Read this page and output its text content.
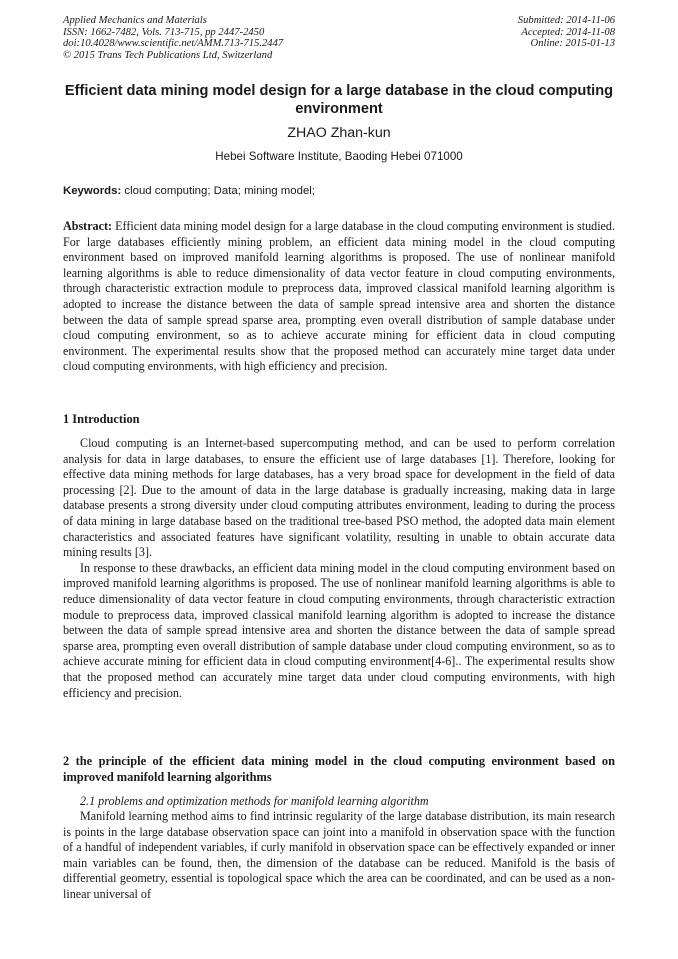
Applied Mechanics and Materials
ISSN: 1662-7482, Vols. 713-715, pp 2447-2450
doi:10.4028/www.scientific.net/AMM.713-715.2447
© 2015 Trans Tech Publications Ltd, Switzerland
Submitted: 2014-11-06
Accepted: 2014-11-08
Online: 2015-01-13
Efficient data mining model design for a large database in the cloud computing environment
ZHAO Zhan-kun
Hebei Software Institute, Baoding Hebei 071000
Keywords: cloud computing; Data; mining model;

Abstract: Efficient data mining model design for a large database in the cloud computing environment is studied. For large databases efficiently mining problem, an efficient data mining model in the cloud computing environment based on improved manifold learning algorithms is proposed. The use of nonlinear manifold learning algorithms is able to reduce dimensionality of data vector feature in cloud computing environments, through characteristic extraction module to preprocess data, improved classical manifold learning algorithm is adopted to increase the distance between the data of sample spread intensive area and shorten the distance between the data of sample spread sparse area, prompting even overall distribution of sample database under cloud computing environment, so as to achieve accurate mining for efficient data in cloud computing environment. The experimental results show that the proposed method can accurately mine target data under cloud computing environments, with high efficiency and precision.

1 Introduction

Cloud computing is an Internet-based supercomputing method, and can be used to perform correlation analysis for data in large databases, to ensure the efficient use of large databases [1]. Therefore, looking for effective data mining methods for large databases, has a very broad space for development in the field of data processing [2]. Due to the amount of data in the large database is gradually increasing, making data in large database presents a strong diversity under cloud computing attributes environment, leading to during the process of data mining in large database based on the traditional tree-based PSO method, the adopted data main element characteristics and associated features have significant volatility, resulting in unable to obtain accurate data mining results [3].

In response to these drawbacks, an efficient data mining model in the cloud computing environment based on improved manifold learning algorithms is proposed. The use of nonlinear manifold learning algorithms is able to reduce dimensionality of data vector feature in cloud computing environments, through characteristic extraction module to preprocess data, improved classical manifold learning algorithm is adopted to increase the distance between the data of sample spread intensive area and shorten the distance between the data of sample spread sparse area, prompting even overall distribution of sample database under cloud computing environment, so as to achieve accurate mining for efficient data in cloud computing environment[4-6].. The experimental results show that the proposed method can accurately mine target data under cloud computing environments, with high efficiency and precision.

2 the principle of the efficient data mining model in the cloud computing environment based on improved manifold learning algorithms
2.1 problems and optimization methods for manifold learning algorithm

Manifold learning method aims to find intrinsic regularity of the large database distribution, its main research is points in the large database observation space can joint into a manifold in observation space with the function of a handful of independent variables, if curly manifold in observation space can be effectively expanded or inner main variables can be found, then, the dimension of the database can be reduced. Manifold is the basis of differential geometry, essential is topological space which the area can be coordinated, and can be used as a non-linear universal of
